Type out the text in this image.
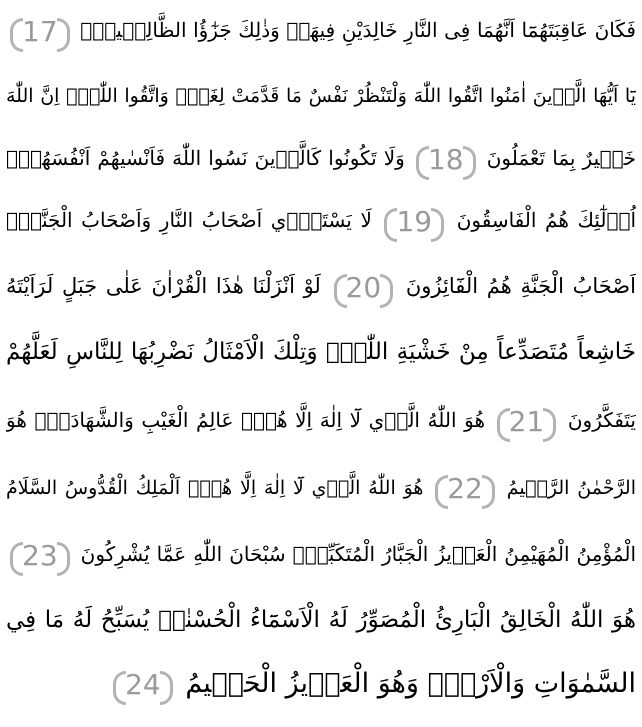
فَكَانَ عَاقِبَتَهُمَٓا اَنَّهُمَا فِى النَّارِ خَالِدَيْنِ فِيهَاۜ وَذٰلِكَ جَزٰٓؤُا الظَّالِم۪ينَۙ 17
يَٓا اَيُّهَا الَّذ۪ينَ اٰمَنُوا اتَّقُوا اللّٰهَ وَلْتَنْظُرْ نَفْسٌ مَا قَدَّمَتْ لِغَدٍۚ وَاتَّقُوا اللّٰهَۜ اِنَّ اللّٰهَ
خَب۪يرٌ بِمَا تَعْمَلُونَ 18 وَلَا تَكُونُوا كَالَّذ۪ينَ نَسُوا اللّٰهَ فَاَنْسٰيهُمْ اَنْفُسَهُمْۜ
اُو۬لٰٓئِكَ هُمُ الْفَاسِقُونَ 19 لَا يَسْتَو۪ٓي اَصْحَابُ النَّارِ وَاَصْحَابُ الْجَنَّةِۜ
اَصْحَابُ الْجَنَّةِ هُمُ الْفَٓائِزُونَ 20 لَوْ اَنْزَلْنَا هٰذَا الْقُرْاٰنَ عَلٰى جَبَلٍ لَرَاَيْتَهُ
خَاشِعاً مُتَصَدِّعاً مِنْ خَشْيَةِ اللّٰهِۜ وَتِلْكَ الْاَمْثَالُ نَضْرِبُهَا لِلنَّاسِ لَعَلَّهُمْ
يَتَفَكَّرُونَ 21 هُوَ اللّٰهُ الَّذ۪ي لَٓا اِلٰهَ اِلَّا هُوَۚ عَالِمُ الْغَيْبِ وَالشَّهَادَةِۚ هُوَ
الرَّحْمٰنُ الرَّح۪يمُ 22 هُوَ اللّٰهُ الَّذ۪ي لَٓا اِلٰهَ اِلَّا هُوَۚ اَلْمَلِكُ الْقُدُّوسُ السَّلَامُ
الْمُؤْمِنُ الْمُهَيْمِنُ الْعَز۪يزُ الْجَبَّارُ الْمُتَكَبِّرُۜ سُبْحَانَ اللّٰهِ عَمَّا يُشْرِكُونَ 23
هُوَ اللّٰهُ الْخَالِقُ الْبَارِئُ الْمُصَوِّرُ لَهُ الْاَسْمَٓاءُ الْحُسْنٰىۜ يُسَبِّحُ لَهُ مَا فِي
السَّمٰوَاتِ وَالْاَرْضِۚ وَهُوَ الْعَز۪يزُ الْحَك۪يمُ 24
